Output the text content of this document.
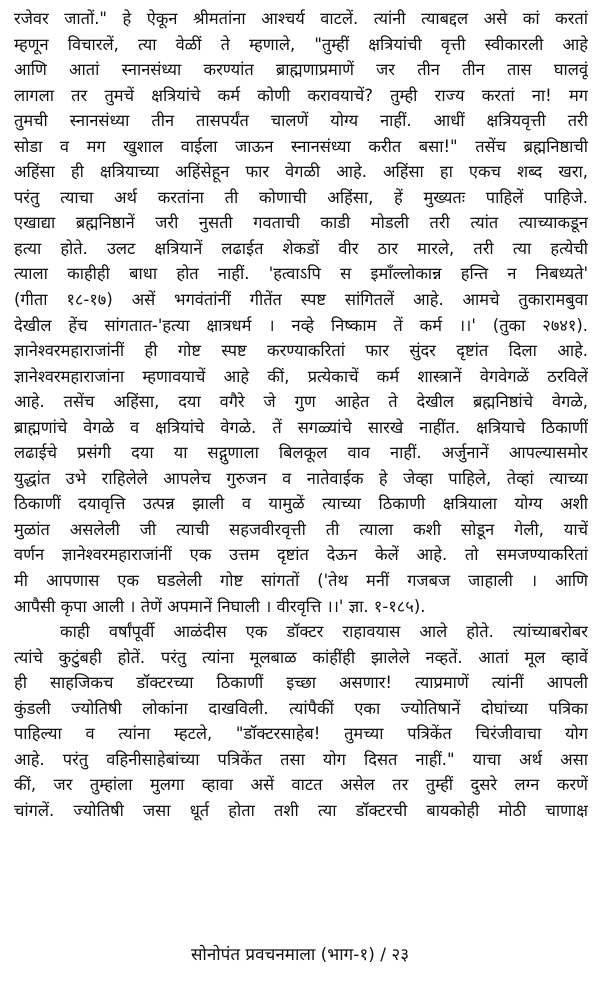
रजेवर जातों." हे ऐकून श्रीमतांना आश्चर्य वाटलें. त्यांनी त्याबद्दल असे कां करतां
म्हणून विचारलें, त्या वेळीं ते म्हणाले, "तुम्हीं क्षत्रियांची वृत्ती स्वीकारली आहे
आणि आतां स्नानसंध्या करण्यांत ब्राह्मणाप्रमाणें जर तीन तीन तास घालवूं
लागला तर तुमचें क्षत्रियांचे कर्म कोणी करावयाचें? तुम्ही राज्य करतां ना! मग
तुमची स्नानसंध्या तीन तासपर्यंत चालणें योग्य नाहीं. आधीं क्षत्रियवृत्ती तरी
सोडा व मग खुशाल वाईला जाऊन स्नानसंध्या करीत बसा!" तसेंच ब्रह्मनिष्ठाची
अहिंसा ही क्षत्रियाच्या अहिंसेहून फार वेगळी आहे. अहिंसा हा एकच शब्द खरा,
परंतु त्याचा अर्थ करतांना ती कोणाची अहिंसा, हें मुख्यतः पाहिलें पाहिजे.
एखाद्या ब्रह्मनिष्ठानें जरी नुसती गवताची काडी मोडली तरी त्यांत त्याच्याकडून
हत्या होते. उलट क्षत्रियानें लढाईत शेकडों वीर ठार मारले, तरी त्या हत्येची
त्याला काहीही बाधा होत नाहीं. 'हत्वाऽपि स इमाँल्लोकान्न हन्ति न निबध्यते'
(गीता १८-१७) असें भगवंतांनीं गीतेंत स्पष्ट सांगितलें आहे. आमचे तुकारामबुवा
देखील हेंच सांगतात-'हत्या क्षात्रधर्म । नव्हे निष्काम तें कर्म ।।' (तुका २७४१).
ज्ञानेश्वरमहाराजांनीं ही गोष्ट स्पष्ट करण्याकरितां फार सुंदर दृष्टांत दिला आहे.
ज्ञानेश्वरमहाराजांना म्हणावयाचें आहे कीं, प्रत्येकाचें कर्म शास्त्रानें वेगवेगळें ठरविलें
आहे. तसेंच अहिंसा, दया वगैरे जे गुण आहेत ते देखील ब्रह्मनिष्ठांचे वेगळे,
ब्राह्मणांचे वेगळे व क्षत्रियांचे वेगळे. तें सगळ्यांचे सारखे नाहींत. क्षत्रियाचे ठिकाणीं
लढाईचे प्रसंगी दया या सद्गुणाला बिलकूल वाव नाहीं. अर्जुनानें आपल्यासमोर
युद्धांत उभे राहिलेले आपलेच गुरुजन व नातेवाईक हे जेव्हा पाहिले, तेव्हां त्याच्या
ठिकाणीं दयावृत्ति उत्पन्न झाली व यामुळें त्याच्या ठिकाणी क्षत्रियाला योग्य अशी
मुळांत असलेली जी त्याची सहजवीरवृत्ती ती त्याला कशी सोडून गेली, याचें
वर्णन ज्ञानेश्वरमहाराजांनीं एक उत्तम दृष्टांत देऊन केलें आहे. तो समजण्याकरितां
मी आपणास एक घडलेली गोष्ट सांगतों ('तेथ मनीं गजबज जाहाली । आणि
आपैसी कृपा आली । तेणें अपमानें निघाली । वीरवृत्ति ।।' ज्ञा. १-१८५).
काही वर्षांपूर्वी आळंदीस एक डॉक्टर राहावयास आले होते. त्यांच्याबरोबर
त्यांचे कुटुंबही होतें. परंतु त्यांना मूलबाळ कांहींही झालेले नव्हतें. आतां मूल व्हावें
ही साहजिकच डॉक्टरच्या ठिकाणीं इच्छा असणार! त्याप्रमाणें त्यांनीं आपली
कुंडली ज्योतिषी लोकांना दाखविली. त्यांपैकीं एका ज्योतिषानें दोघांच्या पत्रिका
पाहिल्या व त्यांना म्हटले, "डॉक्टरसाहेब! तुमच्या पत्रिकेंत चिरंजीवाचा योग
आहे. परंतु वहिनीसाहेबांच्या पत्रिकेंत तसा योग दिसत नाहीं." याचा अर्थ असा
कीं, जर तुम्हांला मुलगा व्हावा असें वाटत असेल तर तुम्हीं दुसरे लग्न करणें
चांगलें. ज्योतिषी जसा धूर्त होता तशी त्या डॉक्टरची बायकोही मोठी चाणाक्ष
सोनोपंत प्रवचनमाला (भाग-१) / २३
